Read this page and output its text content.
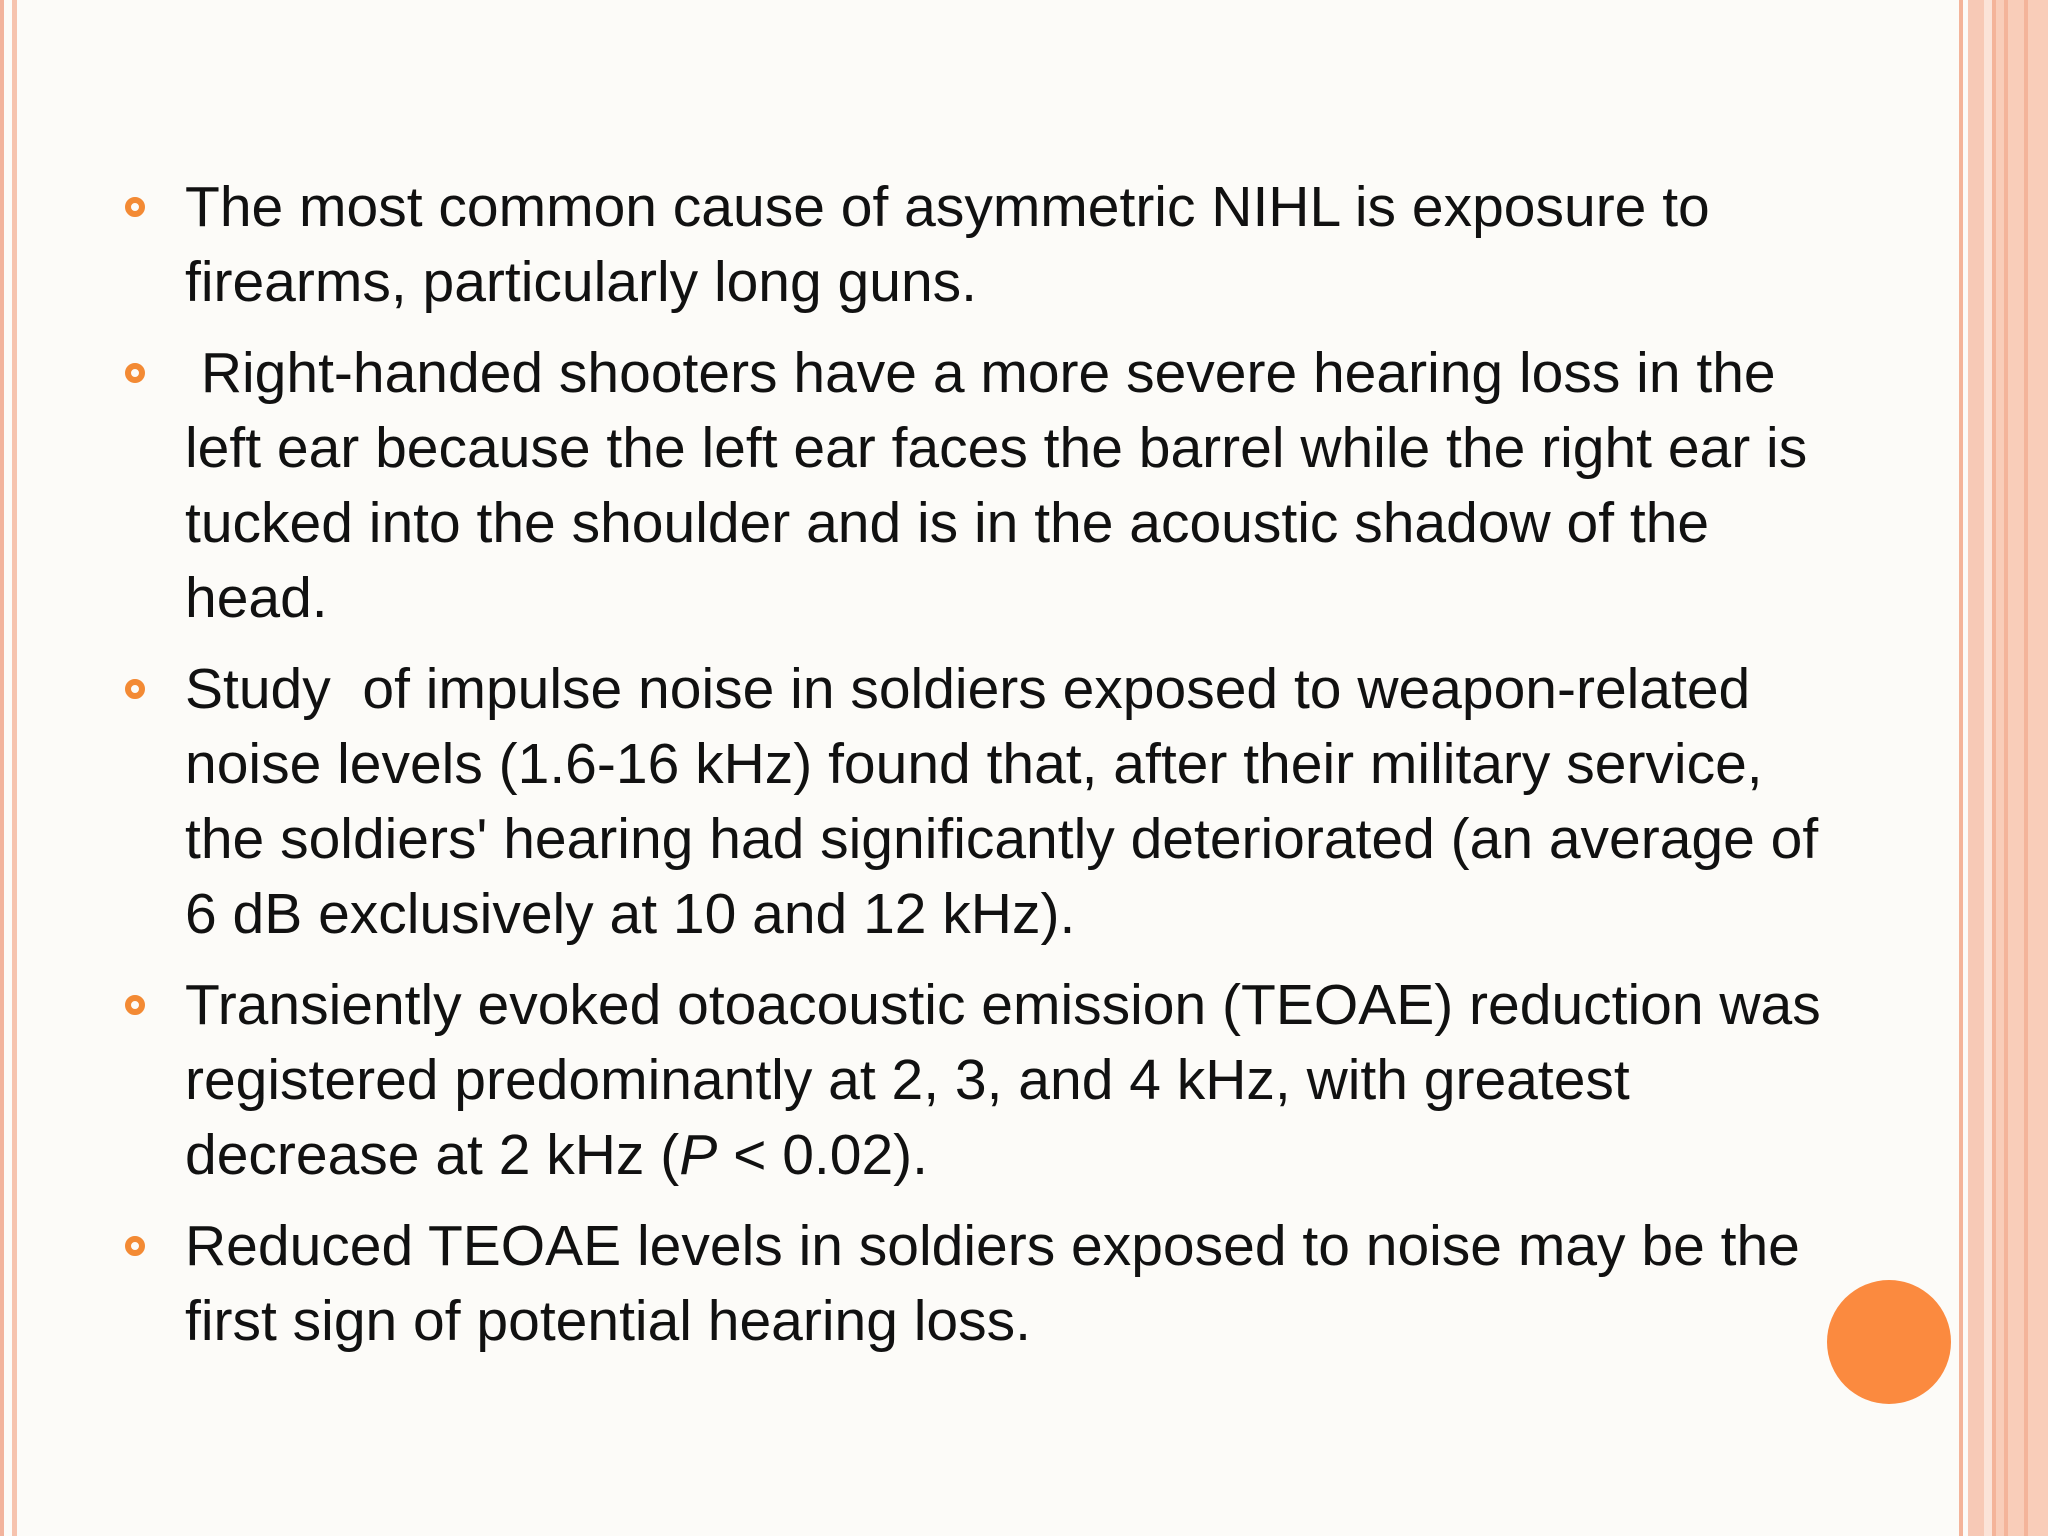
The most common cause of asymmetric NIHL is exposure to firearms, particularly long guns.
Right-handed shooters have a more severe hearing loss in the left ear because the left ear faces the barrel while the right ear is tucked into the shoulder and is in the acoustic shadow of the head.
Study  of impulse noise in soldiers exposed to weapon-related noise levels (1.6-16 kHz) found that, after their military service, the soldiers' hearing had significantly deteriorated (an average of 6 dB exclusively at 10 and 12 kHz).
Transiently evoked otoacoustic emission (TEOAE) reduction was registered predominantly at 2, 3, and 4 kHz, with greatest decrease at 2 kHz (P < 0.02).
Reduced TEOAE levels in soldiers exposed to noise may be the first sign of potential hearing loss.
